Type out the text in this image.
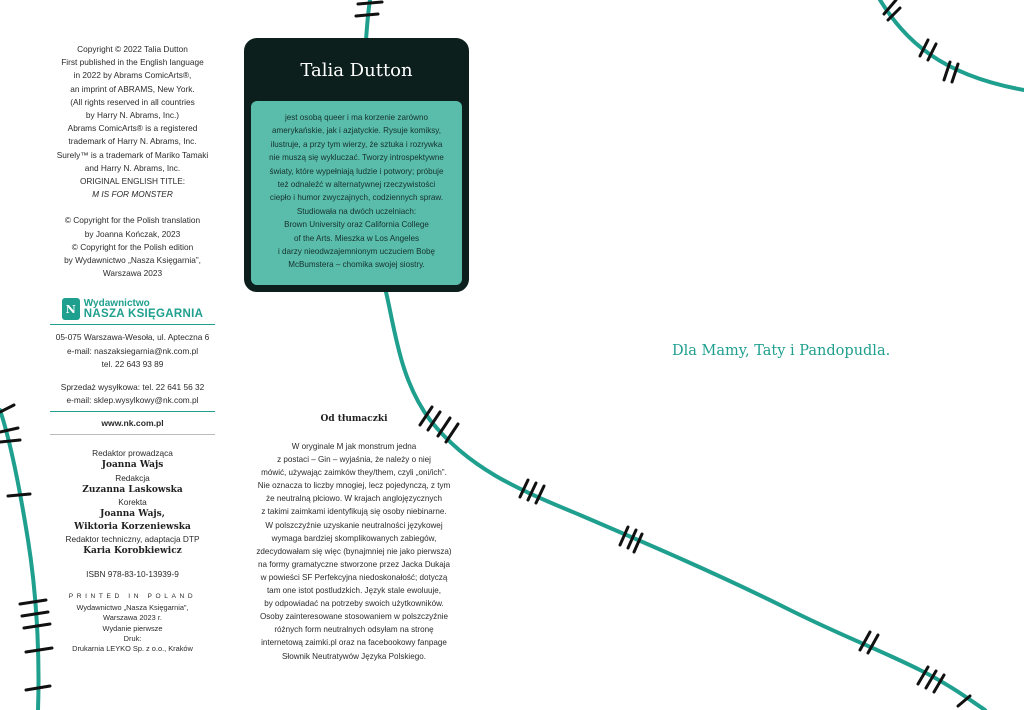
Copyright © 2022 Talia Dutton

First published in the English language

in 2022 by Abrams ComicArts®,

an imprint of ABRAMS, New York.

(All rights reserved in all countries

by Harry N. Abrams, Inc.)

Abrams ComicArts® is a registered

trademark of Harry N. Abrams, Inc.

Surely™ is a trademark of Mariko Tamaki

and Harry N. Abrams, Inc.

ORIGINAL ENGLISH TITLE:

M IS FOR MONSTER

© Copyright for the Polish translation

by Joanna Kończak, 2023

© Copyright for the Polish edition

by Wydawnictwo „Nasza Księgarnia”,

Warszawa 2023

N Wydawnictwo
NASZA KSIĘGARNIA

05-075 Warszawa-Wesoła, ul. Apteczna 6

e-mail: naszaksiegarnia@nk.com.pl

tel. 22 643 93 89

Sprzedaż wysyłkowa: tel. 22 641 56 32

e-mail: sklep.wysylkowy@nk.com.pl

www.nk.com.pl

Redaktor prowadząca

Joanna Wajs

Redakcja

Zuzanna Laskowska

Korekta

Joanna Wajs,

Wiktoria Korzeniewska

Redaktor techniczny, adaptacja DTP

Karia Korobkiewicz

ISBN 978-83-10-13939-9

PRINTED IN POLAND

Wydawnictwo „Nasza Księgarnia”,

Warszawa 2023 r.

Wydanie pierwsze

Druk:

Drukarnia LEYKO Sp. z o.o., Kraków

Talia Dutton

jest osobą queer i ma korzenie zarówno

amerykańskie, jak i azjatyckie. Rysuje komiksy,

ilustruje, a przy tym wierzy, że sztuka i rozrywka

nie muszą się wykluczać. Tworzy introspektywne

światy, które wypełniają ludzie i potwory; próbuje

też odnaleźć w alternatywnej rzeczywistości

ciepło i humor zwyczajnych, codziennych spraw.

Studiowała na dwóch uczelniach:

Brown University oraz California College

of the Arts. Mieszka w Los Angeles

i darzy nieodwzajemnionym uczuciem Bobę

McBumstera – chomika swojej siostry.

Od tłumaczki

W oryginale M jak monstrum jedna

z postaci – Gin – wyjaśnia, że należy o niej

mówić, używając zaimków they/them, czyli „oni/ich”.

Nie oznacza to liczby mnogiej, lecz pojedynczą, z tym

że neutralną płciowo. W krajach anglojęzycznych

z takimi zaimkami identyfikują się osoby niebinarne.

W polszczyźnie uzyskanie neutralności językowej

wymaga bardziej skomplikowanych zabiegów,

zdecydowałam się więc (bynajmniej nie jako pierwsza)

na formy gramatyczne stworzone przez Jacka Dukaja

w powieści SF Perfekcyjna niedoskonałość; dotyczą

tam one istot postludzkich. Język stale ewoluuje,

by odpowiadać na potrzeby swoich użytkowników.

Osoby zainteresowane stosowaniem w polszczyźnie

różnych form neutralnych odsyłam na stronę

internetową zaimki.pl oraz na facebookowy fanpage

Słownik Neutratywów Języka Polskiego.

Dla Mamy, Taty i Pandopudla.
